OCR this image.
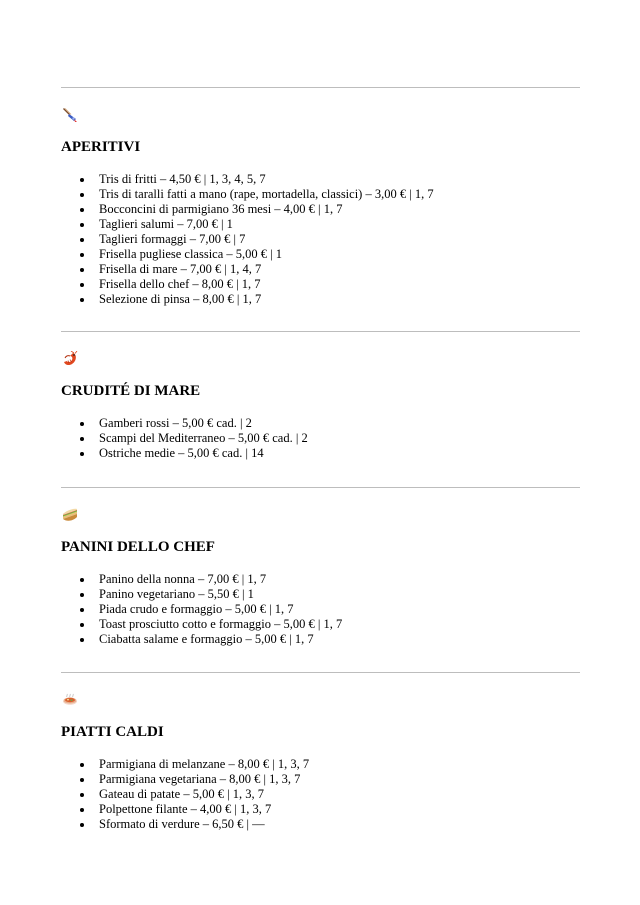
APERITIVI
Tris di fritti – 4,50 € | 1, 3, 4, 5, 7
Tris di taralli fatti a mano (rape, mortadella, classici) – 3,00 € | 1, 7
Bocconcini di parmigiano 36 mesi – 4,00 € | 1, 7
Taglieri salumi – 7,00 € | 1
Taglieri formaggi – 7,00 € | 7
Frisella pugliese classica – 5,00 € | 1
Frisella di mare – 7,00 € | 1, 4, 7
Frisella dello chef – 8,00 € | 1, 7
Selezione di pinsa – 8,00 € | 1, 7
CRUDITÉ DI MARE
Gamberi rossi – 5,00 € cad. | 2
Scampi del Mediterraneo – 5,00 € cad. | 2
Ostriche medie – 5,00 € cad. | 14
PANINI DELLO CHEF
Panino della nonna – 7,00 € | 1, 7
Panino vegetariano – 5,50 € | 1
Piada crudo e formaggio – 5,00 € | 1, 7
Toast prosciutto cotto e formaggio – 5,00 € | 1, 7
Ciabatta salame e formaggio – 5,00 € | 1, 7
PIATTI CALDI
Parmigiana di melanzane – 8,00 € | 1, 3, 7
Parmigiana vegetariana – 8,00 € | 1, 3, 7
Gateau di patate – 5,00 € | 1, 3, 7
Polpettone filante – 4,00 € | 1, 3, 7
Sformato di verdure – 6,50 € | —
